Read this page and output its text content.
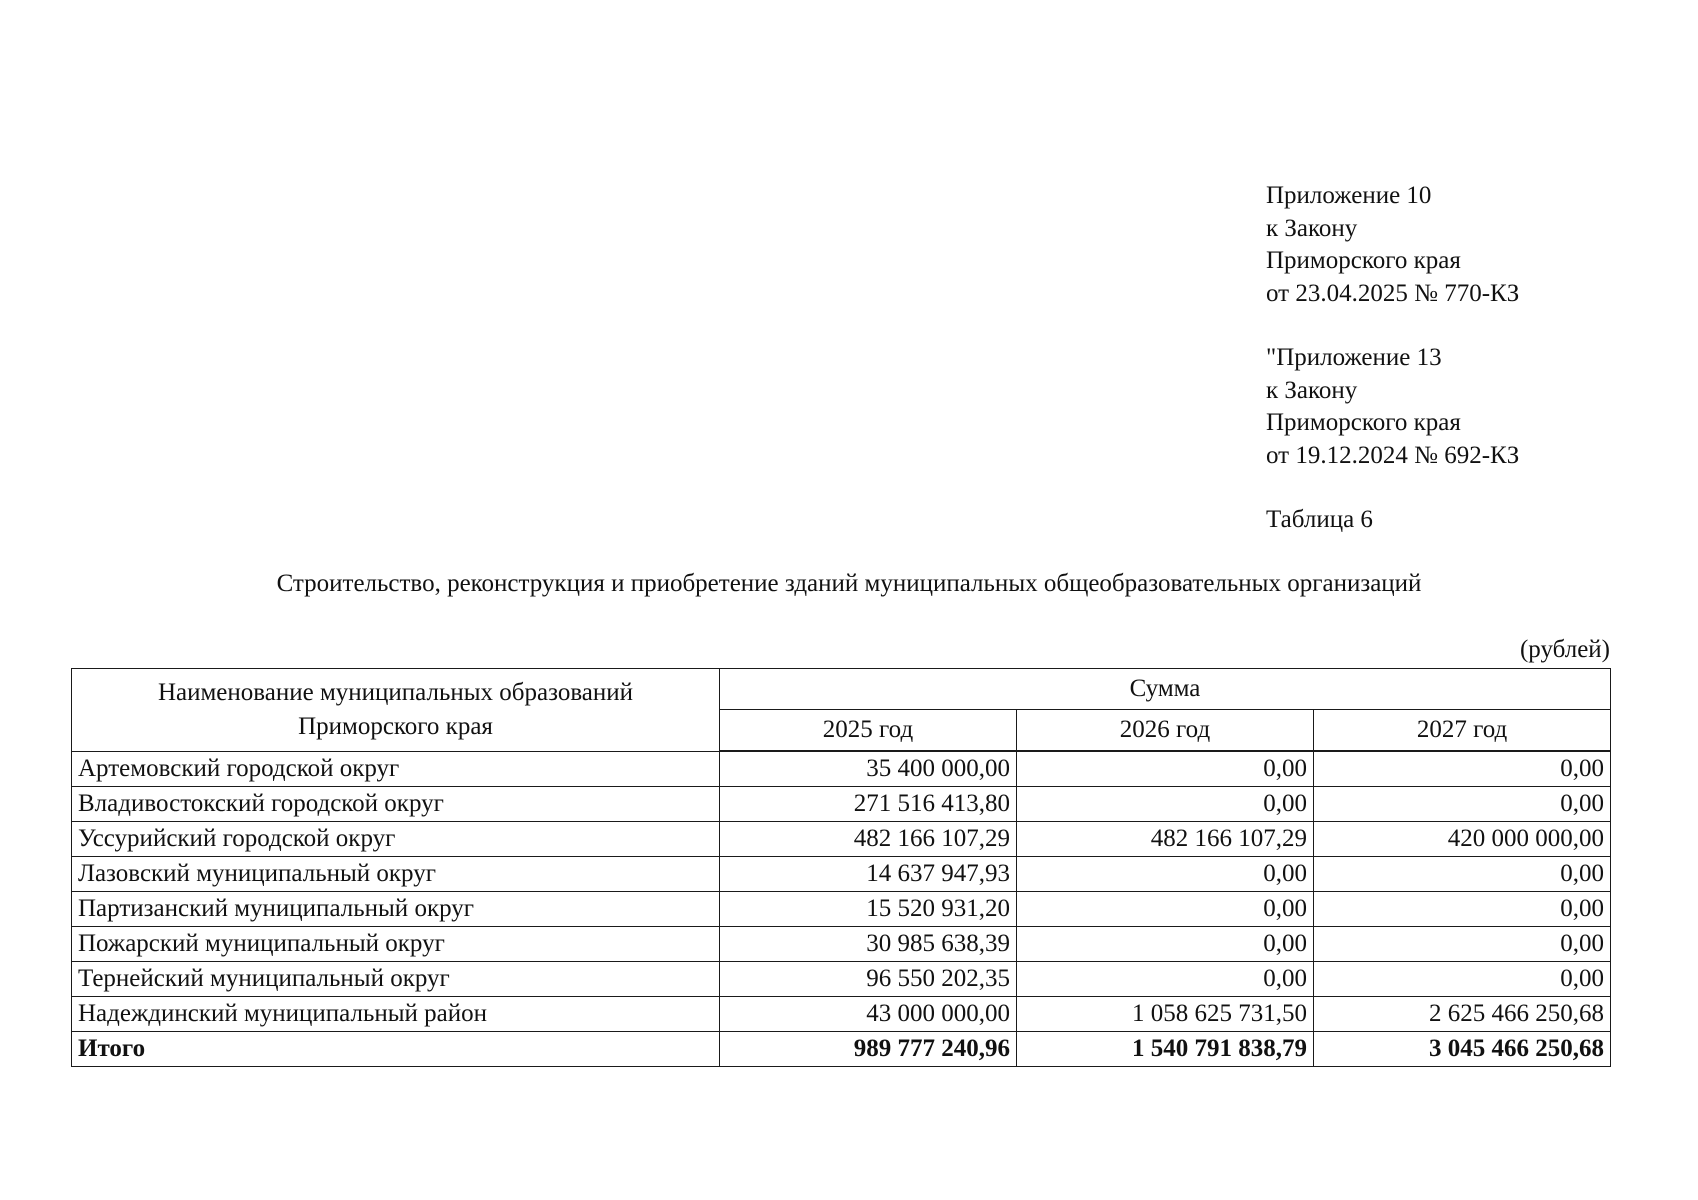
Приложение 10
к Закону
Приморского края
от 23.04.2025 № 770-КЗ
"Приложение 13
к Закону
Приморского края
от 19.12.2024 № 692-КЗ
Таблица 6
Строительство, реконструкция и приобретение зданий муниципальных общеобразовательных организаций
(рублей)
Наименование муниципальных образований Приморского края	Сумма		
	2025 год	2026 год	2027 год
Артемовский городской округ	35 400 000,00	0,00	0,00
Владивостокский городской округ	271 516 413,80	0,00	0,00
Уссурийский городской округ	482 166 107,29	482 166 107,29	420 000 000,00
Лазовский муниципальный округ	14 637 947,93	0,00	0,00
Партизанский муниципальный округ	15 520 931,20	0,00	0,00
Пожарский муниципальный округ	30 985 638,39	0,00	0,00
Тернейский муниципальный округ	96 550 202,35	0,00	0,00
Надеждинский муниципальный район	43 000 000,00	1 058 625 731,50	2 625 466 250,68
Итого	989 777 240,96	1 540 791 838,79	3 045 466 250,68
